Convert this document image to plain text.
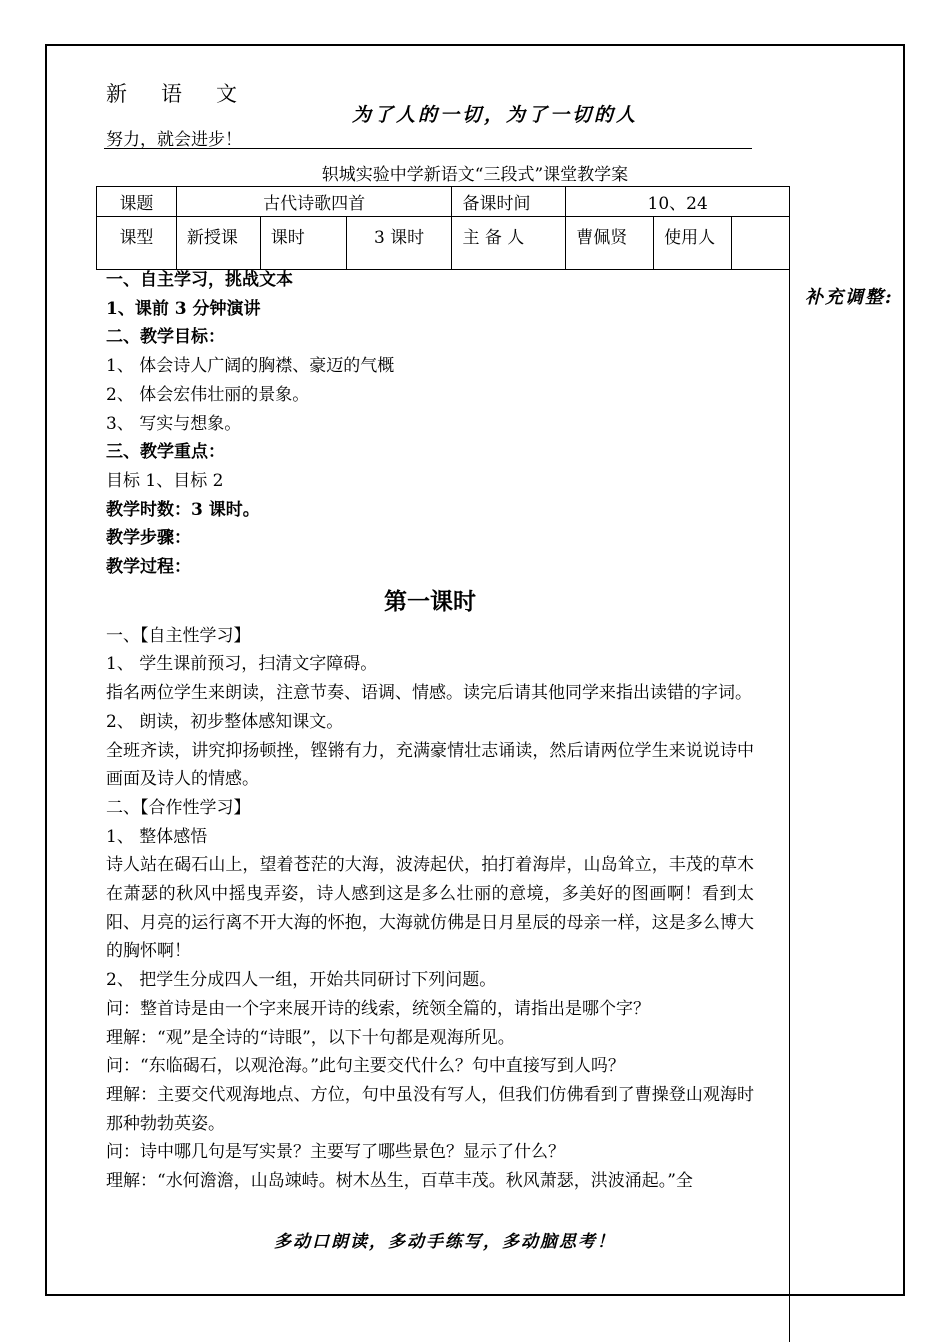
新语文
为了人的一切，为了一切的人
努力，就会进步！
轵城实验中学新语文“三段式”课堂教学案
课题	古代诗歌四首			备课时间	10、24		
课型	新授课	课时	3 课时	主 备 人	曹佩贤	使用人	
补充调整:

一、自主学习，挑战文本

1、课前 3 分钟演讲

二、教学目标：

1、 体会诗人广阔的胸襟、豪迈的气概

2、 体会宏伟壮丽的景象。

3、 写实与想象。

三、教学重点：

目标 1、目标 2

教学时数：3 课时。

教学步骤：

教学过程：

第一课时

一、【自主性学习】

1、 学生课前预习，扫清文字障碍。

指名两位学生来朗读，注意节奏、语调、情感。读完后请其他同学来指出读错的字词。

2、 朗读，初步整体感知课文。

全班齐读，讲究抑扬顿挫，铿锵有力，充满豪情壮志诵读，然后请两位学生来说说诗中画面及诗人的情感。

二、【合作性学习】

1、 整体感悟

诗人站在碣石山上，望着苍茫的大海，波涛起伏，拍打着海岸，山岛耸立，丰茂的草木在萧瑟的秋风中摇曳弄姿，诗人感到这是多么壮丽的意境，多美好的图画啊！看到太阳、月亮的运行离不开大海的怀抱，大海就仿佛是日月星辰的母亲一样，这是多么博大的胸怀啊！

2、 把学生分成四人一组，开始共同研讨下列问题。

问：整首诗是由一个字来展开诗的线索，统领全篇的，请指出是哪个字？

理解：“观”是全诗的“诗眼”，以下十句都是观海所见。

问：“东临碣石，以观沧海。”此句主要交代什么？句中直接写到人吗？

理解：主要交代观海地点、方位，句中虽没有写人，但我们仿佛看到了曹操登山观海时那种勃勃英姿。

问：诗中哪几句是写实景？主要写了哪些景色？显示了什么？

理解：“水何澹澹，山岛竦峙。树木丛生，百草丰茂。秋风萧瑟，洪波涌起。”全

多动口朗读，多动手练写，多动脑思考！
